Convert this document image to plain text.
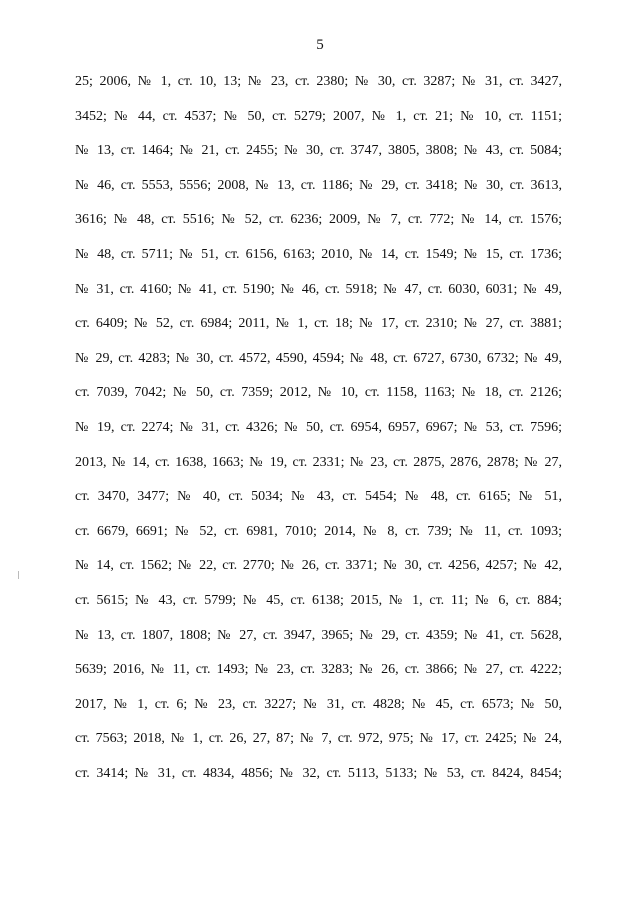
5
25; 2006, № 1, ст. 10, 13; № 23, ст. 2380; № 30, ст. 3287; № 31, ст. 3427,
3452; № 44, ст. 4537; № 50, ст. 5279; 2007, № 1, ст. 21; № 10, ст. 1151;
№ 13, ст. 1464; № 21, ст. 2455; № 30, ст. 3747, 3805, 3808; № 43, ст. 5084;
№ 46, ст. 5553, 5556; 2008, № 13, ст. 1186; № 29, ст. 3418; № 30, ст. 3613,
3616; № 48, ст. 5516; № 52, ст. 6236; 2009, № 7, ст. 772; № 14, ст. 1576;
№ 48, ст. 5711; № 51, ст. 6156, 6163; 2010, № 14, ст. 1549; № 15, ст. 1736;
№ 31, ст. 4160; № 41, ст. 5190; № 46, ст. 5918; № 47, ст. 6030, 6031; № 49,
ст. 6409; № 52, ст. 6984; 2011, № 1, ст. 18; № 17, ст. 2310; № 27, ст. 3881;
№ 29, ст. 4283; № 30, ст. 4572, 4590, 4594; № 48, ст. 6727, 6730, 6732; № 49,
ст. 7039, 7042; № 50, ст. 7359; 2012, № 10, ст. 1158, 1163; № 18, ст. 2126;
№ 19, ст. 2274; № 31, ст. 4326; № 50, ст. 6954, 6957, 6967; № 53, ст. 7596;
2013, № 14, ст. 1638, 1663; № 19, ст. 2331; № 23, ст. 2875, 2876, 2878; № 27,
ст. 3470, 3477; № 40, ст. 5034; № 43, ст. 5454; № 48, ст. 6165; № 51,
ст. 6679, 6691; № 52, ст. 6981, 7010; 2014, № 8, ст. 739; № 11, ст. 1093;
№ 14, ст. 1562; № 22, ст. 2770; № 26, ст. 3371; № 30, ст. 4256, 4257; № 42,
ст. 5615; № 43, ст. 5799; № 45, ст. 6138; 2015, № 1, ст. 11; № 6, ст. 884;
№ 13, ст. 1807, 1808; № 27, ст. 3947, 3965; № 29, ст. 4359; № 41, ст. 5628,
5639; 2016, № 11, ст. 1493; № 23, ст. 3283; № 26, ст. 3866; № 27, ст. 4222;
2017, № 1, ст. 6; № 23, ст. 3227; № 31, ст. 4828; № 45, ст. 6573; № 50,
ст. 7563; 2018, № 1, ст. 26, 27, 87; № 7, ст. 972, 975; № 17, ст. 2425; № 24,
ст. 3414; № 31, ст. 4834, 4856; № 32, ст. 5113, 5133; № 53, ст. 8424, 8454;
